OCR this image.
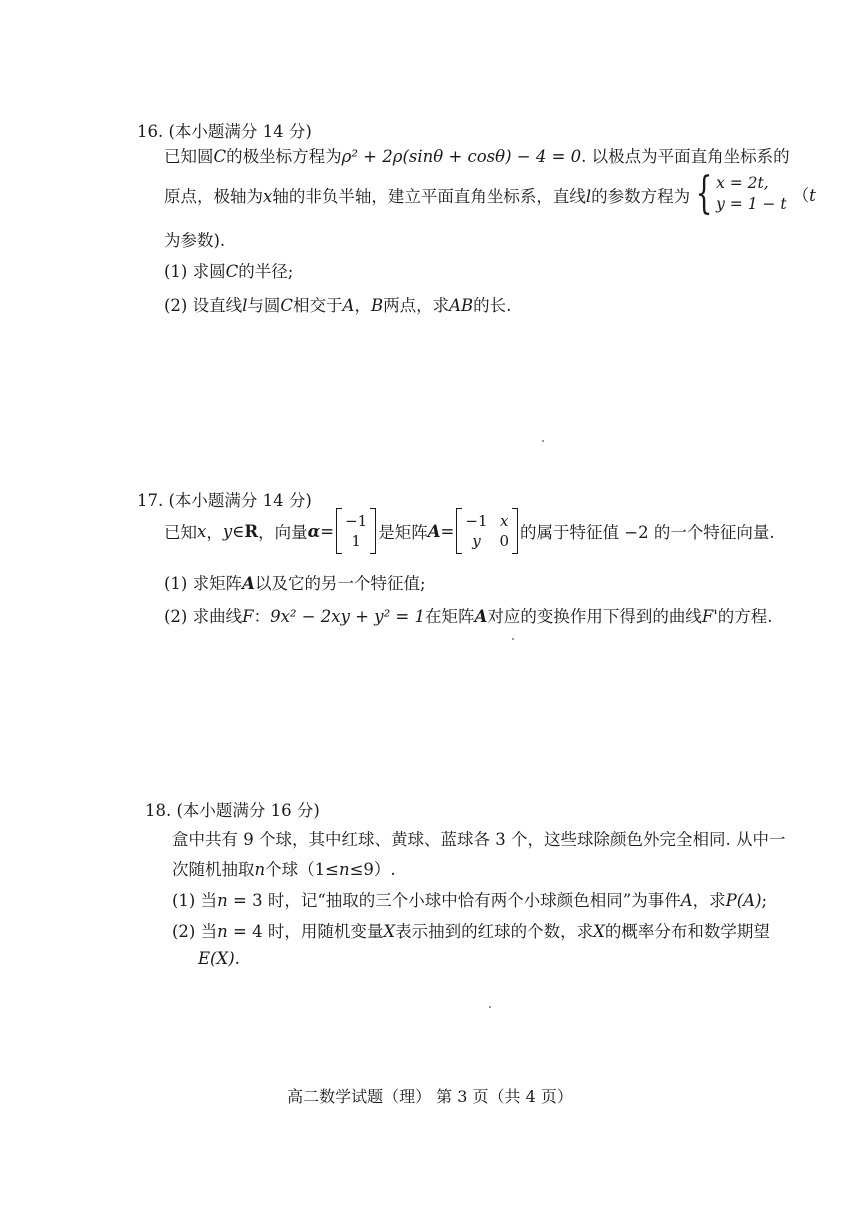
16. (本小题满分 14 分)
已知圆C的极坐标方程为ρ² + 2ρ(sinθ + cosθ) − 4 = 0. 以极点为平面直角坐标系的
原点，极轴为x轴的非负半轴，建立平面直角坐标系，直线l的参数方程为 { x = 2t,
y = 1 − t （t
为参数).
(1) 求圆C的半径;
(2) 设直线l与圆C相交于A，B两点，求AB的长.
17. (本小题满分 14 分)
已知 x ， y∈ R ，向量 α =
−1
1	是矩阵 A =
−1 x
y	0 的属于特征值 −2 的一个特征向量.
(1) 求矩阵A以及它的另一个特征值;
(2) 求曲线F：9x² − 2xy + y² = 1在矩阵A对应的变换作用下得到的曲线F'的方程.
18. (本小题满分 16 分)
盒中共有 9 个球，其中红球、黄球、蓝球各 3 个，这些球除颜色外完全相同. 从中一
次随机抽取n个球（1≤n≤9）.
(1) 当n = 3 时，记“抽取的三个小球中恰有两个小球颜色相同”为事件A，求P(A);
(2) 当n = 4 时，用随机变量X表示抽到的红球的个数，求X的概率分布和数学期望
E(X).
高二数学试题（理） 第 3 页（共 4 页）
